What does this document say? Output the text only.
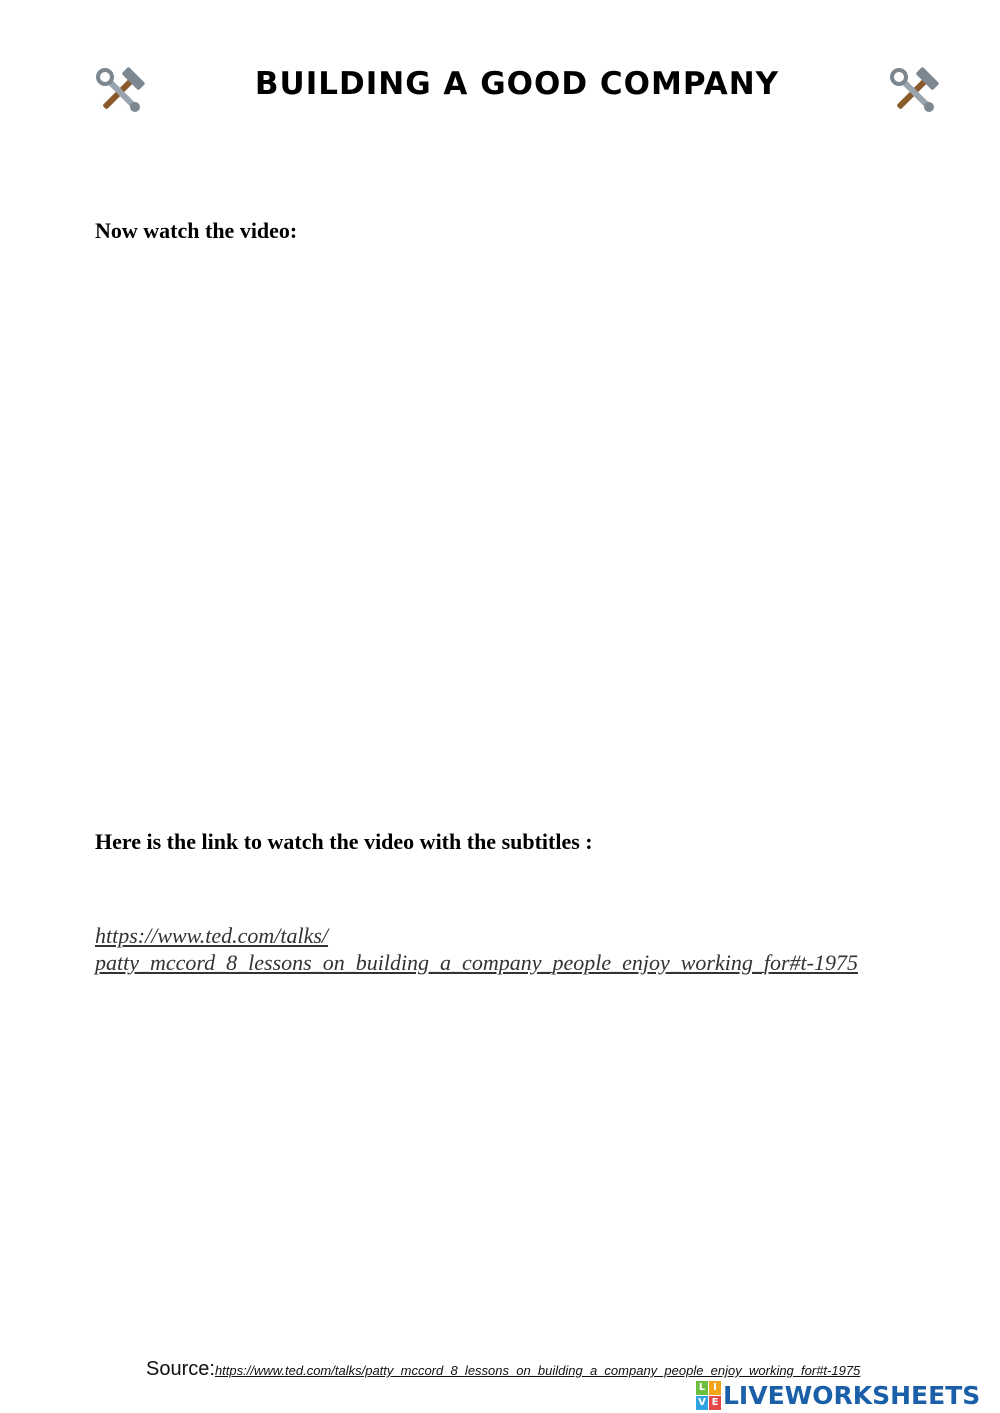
BUILDING A GOOD COMPANY
Now watch the video:
Here is the link to watch the video with the subtitles :
https://www.ted.com/talks/
patty_mccord_8_lessons_on_building_a_company_people_enjoy_working_for#t-1975
Source:https://www.ted.com/talks/patty_mccord_8_lessons_on_building_a_company_people_enjoy_working_for#t-1975
L I
V E LIVEWORKSHEETS
